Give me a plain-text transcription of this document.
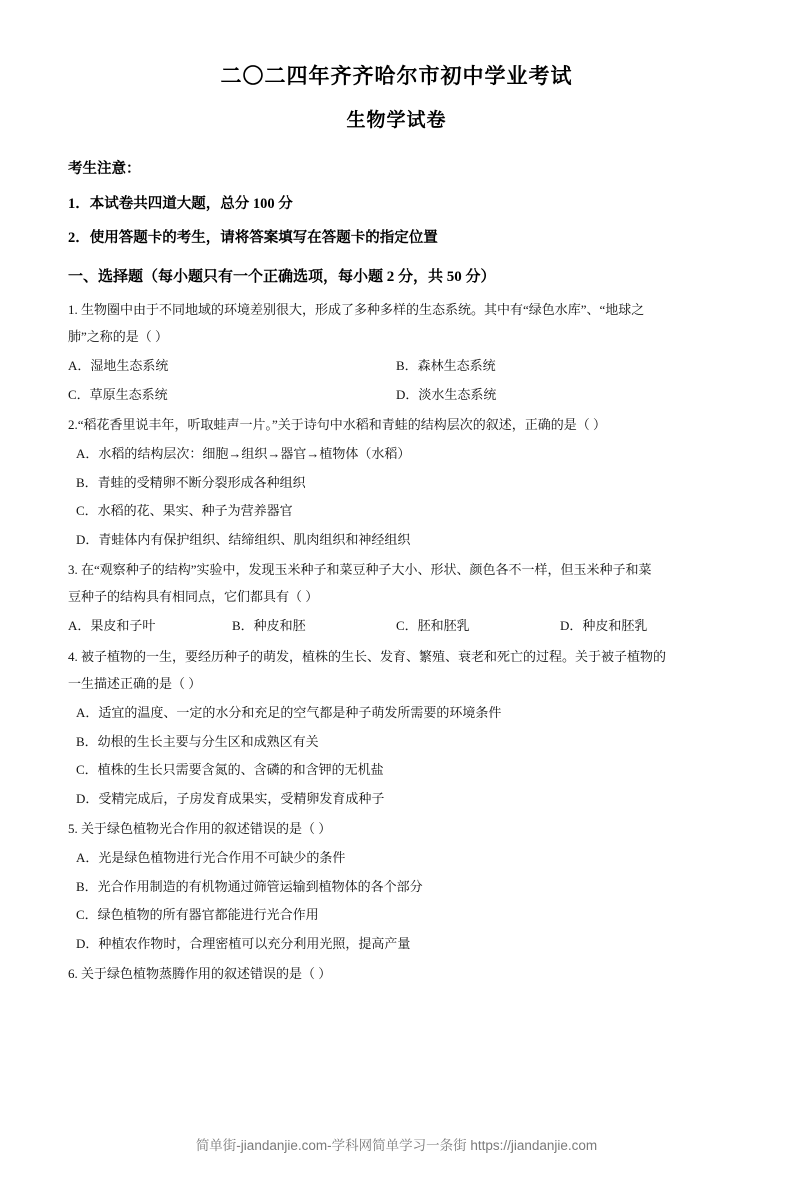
二〇二四年齐齐哈尔市初中学业考试
生物学试卷
考生注意：
1．本试卷共四道大题，总分 100 分
2．使用答题卡的考生，请将答案填写在答题卡的指定位置
一、选择题（每小题只有一个正确选项，每小题 2 分，共 50 分）
1. 生物圈中由于不同地域的环境差别很大，形成了多种多样的生态系统。其中有“绿色水库”、“地球之
肺”之称的是（ ）
A．湿地生态系统	B．森林生态系统
C．草原生态系统	D．淡水生态系统
2.“稻花香里说丰年，听取蛙声一片。”关于诗句中水稻和青蛙的结构层次的叙述，正确的是（ ）
A．水稻的结构层次：细胞→组织→器官→植物体（水稻）
B．青蛙的受精卵不断分裂形成各种组织
C．水稻的花、果实、种子为营养器官
D．青蛙体内有保护组织、结缔组织、肌肉组织和神经组织
3. 在“观察种子的结构”实验中，发现玉米种子和菜豆种子大小、形状、颜色各不一样，但玉米种子和菜
豆种子的结构具有相同点，它们都具有（ ）
A．果皮和子叶	B．种皮和胚	C．胚和胚乳	D．种皮和胚乳
4. 被子植物的一生，要经历种子的萌发，植株的生长、发育、繁殖、衰老和死亡的过程。关于被子植物的
一生描述正确的是（ ）
A．适宜的温度、一定的水分和充足的空气都是种子萌发所需要的环境条件
B．幼根的生长主要与分生区和成熟区有关
C．植株的生长只需要含氮的、含磷的和含钾的无机盐
D．受精完成后，子房发育成果实，受精卵发育成种子
5. 关于绿色植物光合作用的叙述错误的是（ ）
A．光是绿色植物进行光合作用不可缺少的条件
B．光合作用制造的有机物通过筛管运输到植物体的各个部分
C．绿色植物的所有器官都能进行光合作用
D．种植农作物时，合理密植可以充分利用光照，提高产量
6. 关于绿色植物蒸腾作用的叙述错误的是（ ）
简单街-jiandanjie.com-学科网简单学习一条街 https://jiandanjie.com
